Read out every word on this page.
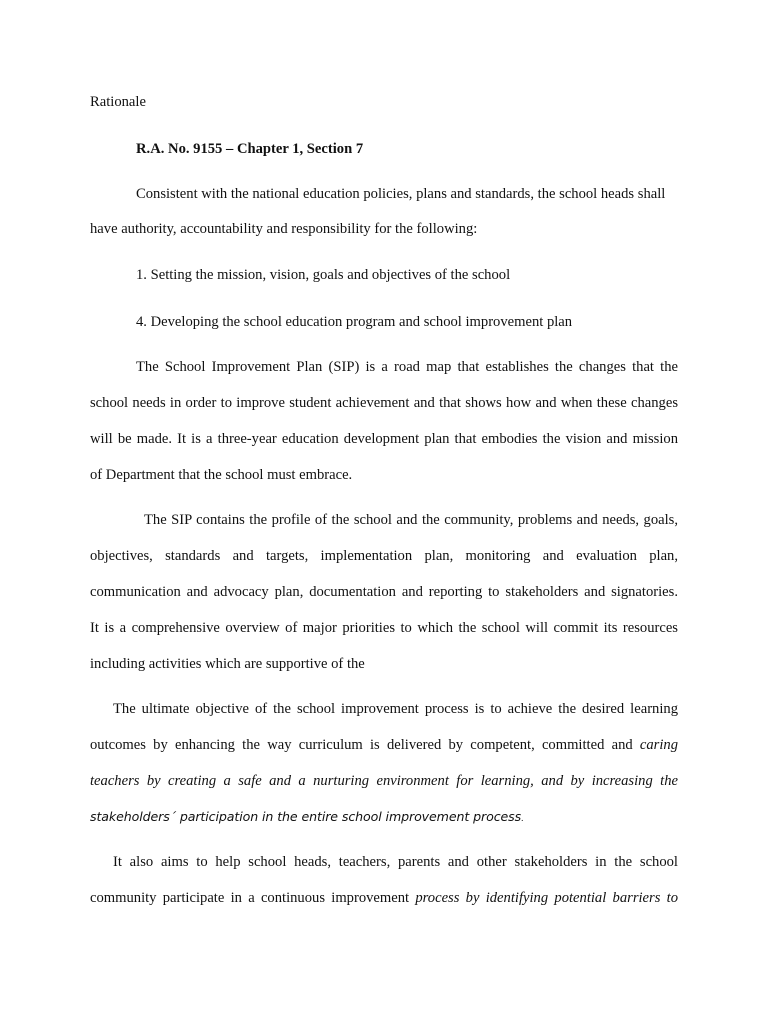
Rationale
R.A. No. 9155 – Chapter 1, Section 7
Consistent with the national education policies, plans and standards, the school heads shall
have authority, accountability and responsibility for the following:
1. Setting the mission, vision, goals and objectives of the school
4. Developing the school education program and school improvement plan
The School Improvement Plan (SIP) is a road map that establishes the changes that the
school needs in order to improve student achievement and that shows how and when these changes
will be made. It is a three-year education development plan that embodies the vision and mission
of Department that the school must embrace.
The SIP contains the profile of the school and the community, problems and needs, goals,
objectives, standards and targets, implementation plan, monitoring and evaluation plan,
communication and advocacy plan, documentation and reporting to stakeholders and signatories.
It is a comprehensive overview of major priorities to which the school will commit its resources
including activities which are supportive of the
The ultimate objective of the school improvement process is to achieve the desired learning
outcomes by enhancing the way curriculum is delivered by competent, committed and caring
teachers by creating a safe and a nurturing environment for learning, and by increasing the
stakeholders´ participation in the entire school improvement process.
It also aims to help school heads, teachers, parents and other stakeholders in the school
community participate in a continuous improvement process by identifying potential barriers to
